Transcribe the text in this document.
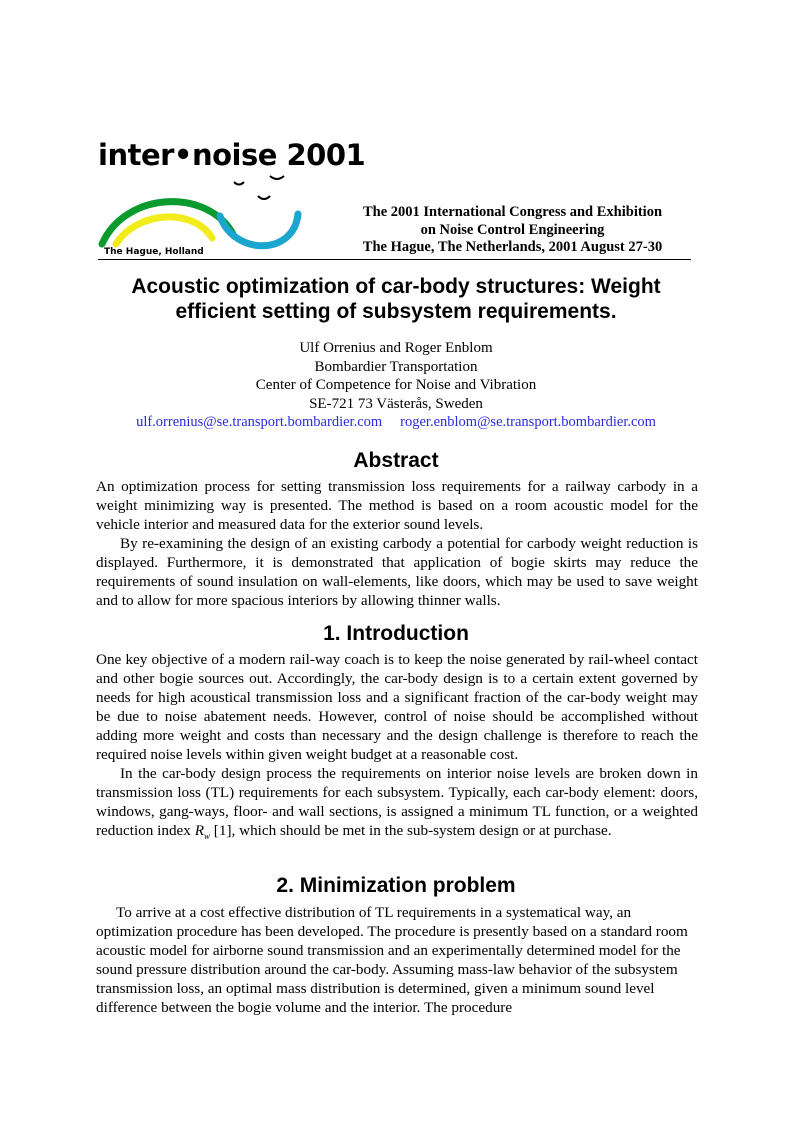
inter•noise 2001
The Hague, Holland
The 2001 International Congress and Exhibition
on Noise Control Engineering
The Hague, The Netherlands, 2001 August 27-30
Acoustic optimization of car-body structures: Weight efficient setting of subsystem requirements.
Ulf Orrenius and Roger Enblom
Bombardier Transportation
Center of Competence for Noise and Vibration
SE-721 73 Västerås, Sweden
ulf.orrenius@se.transport.bombardier.com roger.enblom@se.transport.bombardier.com
Abstract

An optimization process for setting transmission loss requirements for a railway carbody in a weight minimizing way is presented. The method is based on a room acoustic model for the vehicle interior and measured data for the exterior sound levels.

By re-examining the design of an existing carbody a potential for carbody weight reduction is displayed. Furthermore, it is demonstrated that application of bogie skirts may reduce the requirements of sound insulation on wall-elements, like doors, which may be used to save weight and to allow for more spacious interiors by allowing thinner walls.

1. Introduction

One key objective of a modern rail-way coach is to keep the noise generated by rail-wheel contact and other bogie sources out. Accordingly, the car-body design is to a certain extent governed by needs for high acoustical transmission loss and a significant fraction of the car-body weight may be due to noise abatement needs. However, control of noise should be accomplished without adding more weight and costs than necessary and the design challenge is therefore to reach the required noise levels within given weight budget at a reasonable cost.

In the car-body design process the requirements on interior noise levels are broken down in transmission loss (TL) requirements for each subsystem. Typically, each car-body element: doors, windows, gang-ways, floor- and wall sections, is assigned a minimum TL function, or a weighted reduction index $R_w$ [1], which should be met in the sub-system design or at purchase.

2. Minimization problem

To arrive at a cost effective distribution of TL requirements in a systematical way, an optimization procedure has been developed. The procedure is presently based on a standard room acoustic model for airborne sound transmission and an experimentally determined model for the sound pressure distribution around the car-body. Assuming mass-law behavior of the subsystem transmission loss, an optimal mass distribution is determined, given a minimum sound level difference between the bogie volume and the interior. The procedure
